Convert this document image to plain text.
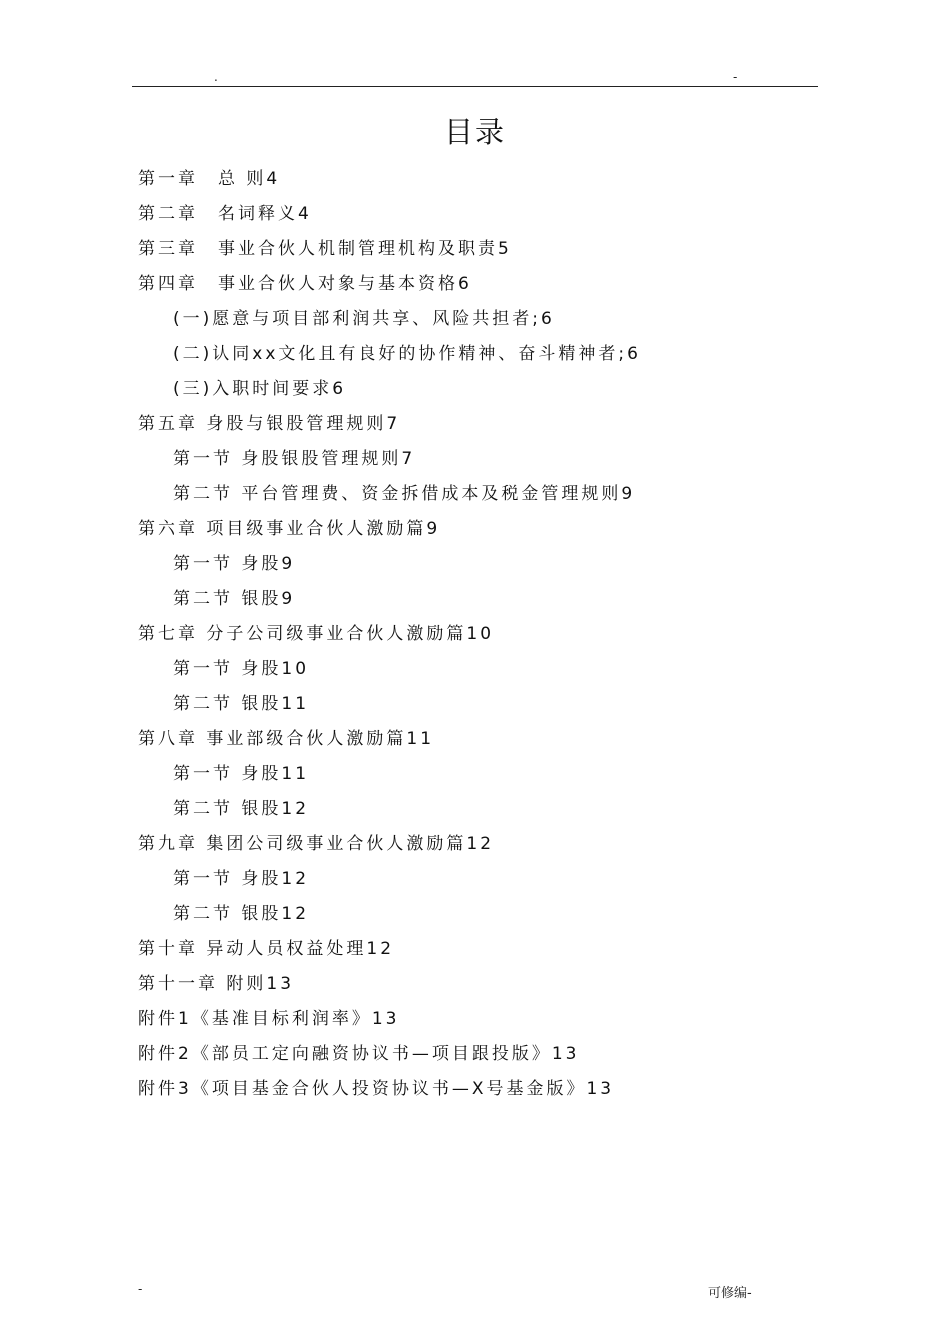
.	-
目录
第一章　总 则4
第二章　名词释义4
第三章　事业合伙人机制管理机构及职责5
第四章　事业合伙人对象与基本资格6
(一)愿意与项目部利润共享、风险共担者;6
(二)认同xx文化且有良好的协作精神、奋斗精神者;6
(三)入职时间要求6
第五章 身股与银股管理规则7
第一节 身股银股管理规则7
第二节 平台管理费、资金拆借成本及税金管理规则9
第六章 项目级事业合伙人激励篇9
第一节 身股9
第二节 银股9
第七章 分子公司级事业合伙人激励篇10
第一节 身股10
第二节 银股11
第八章 事业部级合伙人激励篇11
第一节 身股11
第二节 银股12
第九章 集团公司级事业合伙人激励篇12
第一节 身股12
第二节 银股12
第十章 异动人员权益处理12
第十一章 附则13
附件1《基准目标利润率》13
附件2《部员工定向融资协议书—项目跟投版》13
附件3《项目基金合伙人投资协议书—X号基金版》13
-	可修编-
